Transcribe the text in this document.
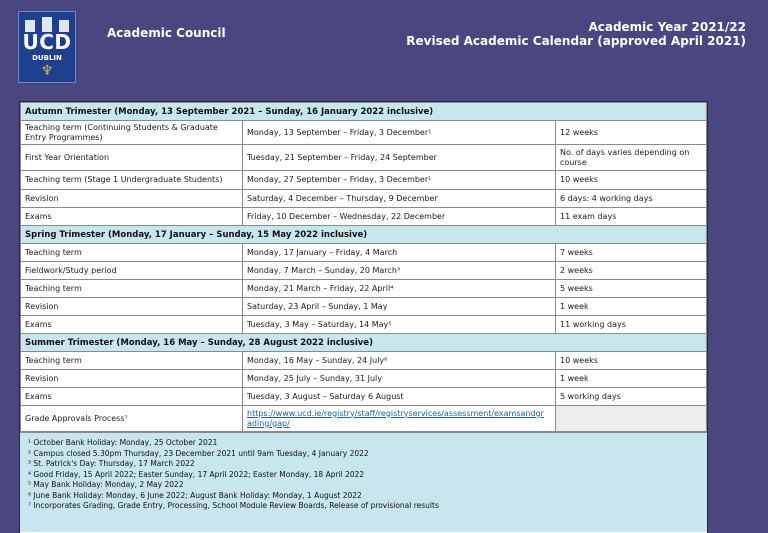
UCD
DUBLIN
♆
Academic Council	Academic Year 2021/22
Revised Academic Calendar (approved April 2021)
Autumn Trimester (Monday, 13 September 2021 – Sunday, 16 January 2022 inclusive)		
Teaching term (Continuing Students & Graduate Entry Programmes)	Monday, 13 September – Friday, 3 December¹	12 weeks
First Year Orientation	Tuesday, 21 September – Friday, 24 September	No. of days varies depending on course
Teaching term (Stage 1 Undergraduate Students)	Monday, 27 September – Friday, 3 December¹	10 weeks
Revision	Saturday, 4 December – Thursday, 9 December	6 days: 4 working days
Exams	Friday, 10 December – Wednesday, 22 December	11 exam days
Spring Trimester (Monday, 17 January – Sunday, 15 May 2022 inclusive)		
Teaching term	Monday, 17 January – Friday, 4 March	7 weeks
Fieldwork/Study period	Monday, 7 March – Sunday, 20 March³	2 weeks
Teaching term	Monday, 21 March – Friday, 22 April⁴	5 weeks
Revision	Saturday, 23 April – Sunday, 1 May	1 week
Exams	Tuesday, 3 May – Saturday, 14 May⁵	11 working days
Summer Trimester (Monday, 16 May – Sunday, 28 August 2022 inclusive)		
Teaching term	Monday, 16 May – Sunday, 24 July⁶	10 weeks
Revision	Monday, 25 July – Sunday, 31 July	1 week
Exams	Tuesday, 3 August – Saturday 6 August	5 working days
Grade Approvals Process⁷	https://www.ucd.ie/registry/staff/registryservices/assessment/examsandgr
ading/gap/	
¹ October Bank Holiday: Monday, 25 October 2021
² Campus closed 5.30pm Thursday, 23 December 2021 until 9am Tuesday, 4 January 2022
³ St. Patrick's Day: Thursday, 17 March 2022
⁴ Good Friday, 15 April 2022; Easter Sunday, 17 April 2022; Easter Monday, 18 April 2022
⁵ May Bank Holiday: Monday, 2 May 2022
⁶ June Bank Holiday: Monday, 6 June 2022; August Bank Holiday: Monday, 1 August 2022
⁷ Incorporates Grading, Grade Entry, Processing, School Module Review Boards, Release of provisional results
